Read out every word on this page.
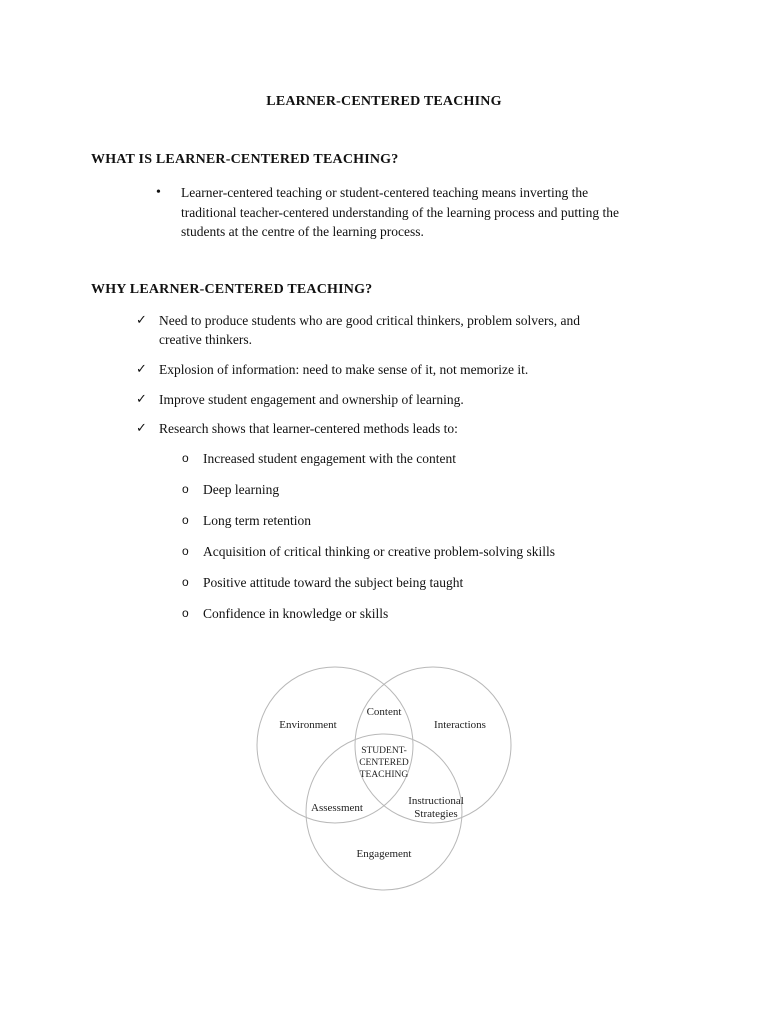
LEARNER-CENTERED TEACHING
WHAT IS LEARNER-CENTERED TEACHING?
• Learner-centered teaching or student-centered teaching means inverting the
traditional teacher-centered understanding of the learning process and putting the
students at the centre of the learning process.
WHY LEARNER-CENTERED TEACHING?
✓ Need to produce students who are good critical thinkers, problem solvers, and
creative thinkers.
✓ Explosion of information: need to make sense of it, not memorize it.
✓ Improve student engagement and ownership of learning.
✓ Research shows that learner-centered methods leads to:
o Increased student engagement with the content
o Deep learning
o Long term retention
o Acquisition of critical thinking or creative problem-solving skills
o Positive attitude toward the subject being taught
o Confidence in knowledge or skills
Environment
Content
Interactions
STUDENT-
CENTERED
TEACHING
Assessment
Instructional
Strategies
Engagement
